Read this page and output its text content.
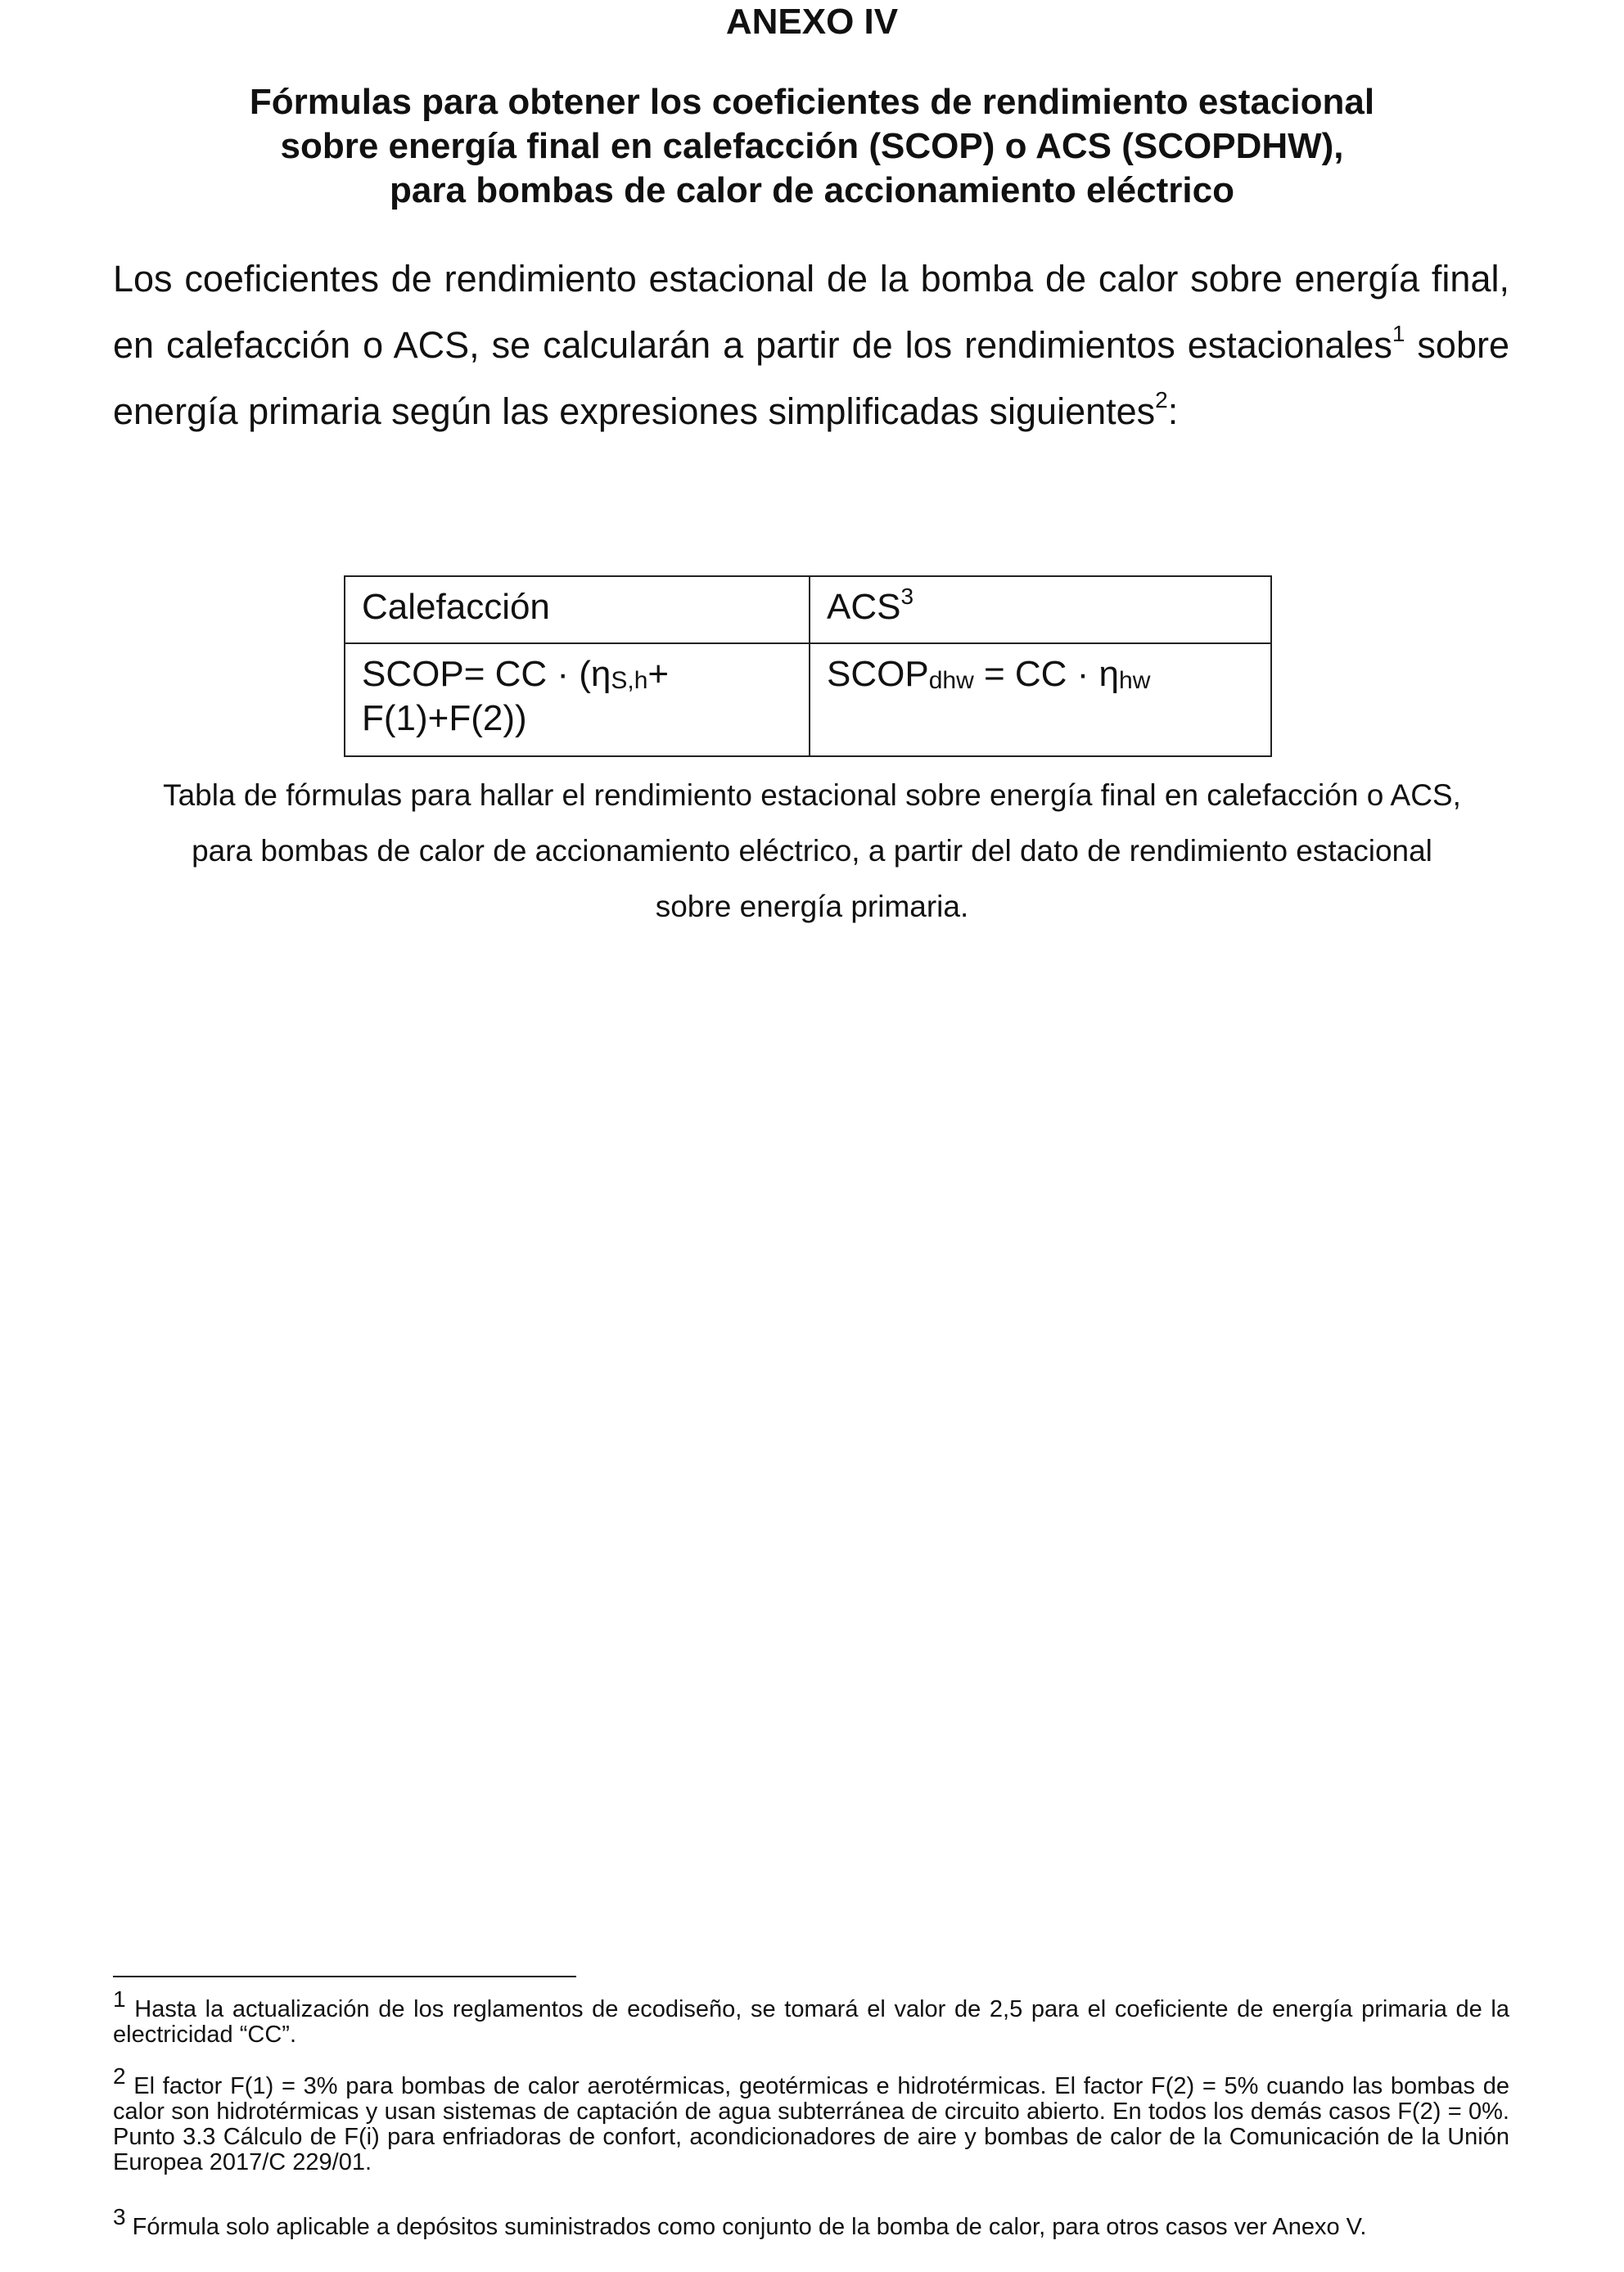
ANEXO IV
Fórmulas para obtener los coeficientes de rendimiento estacional
sobre energía final en calefacción (SCOP) o ACS (SCOPDHW),
para bombas de calor de accionamiento eléctrico

Los coeficientes de rendimiento estacional de la bomba de calor sobre energía final, en calefacción o ACS, se calcularán a partir de los rendimientos estacionales$^1$ sobre energía primaria según las expresiones simplificadas siguientes$^2$:

Calefacción	ACS$^3$
SCOP= CC · $(\eta_{S,h}+ F(1)+F(2))$	$SCOP_{dhw}$ = CC · $\eta_{hw}$
Tabla de fórmulas para hallar el rendimiento estacional sobre energía final en calefacción o ACS,
para bombas de calor de accionamiento eléctrico, a partir del dato de rendimiento estacional
sobre energía primaria.

$^1$ Hasta la actualización de los reglamentos de ecodiseño, se tomará el valor de 2,5 para el coeficiente de energía primaria de la electricidad “CC”.

$^2$ El factor F(1) = 3% para bombas de calor aerotérmicas, geotérmicas e hidrotérmicas. El factor F(2) = 5% cuando las bombas de calor son hidrotérmicas y usan sistemas de captación de agua subterránea de circuito abierto. En todos los demás casos F(2) = 0%. Punto 3.3 Cálculo de F(i) para enfriadoras de confort, acondicionadores de aire y bombas de calor de la Comunicación de la Unión Europea 2017/C 229/01.

$^3$ Fórmula solo aplicable a depósitos suministrados como conjunto de la bomba de calor, para otros casos ver Anexo V.
